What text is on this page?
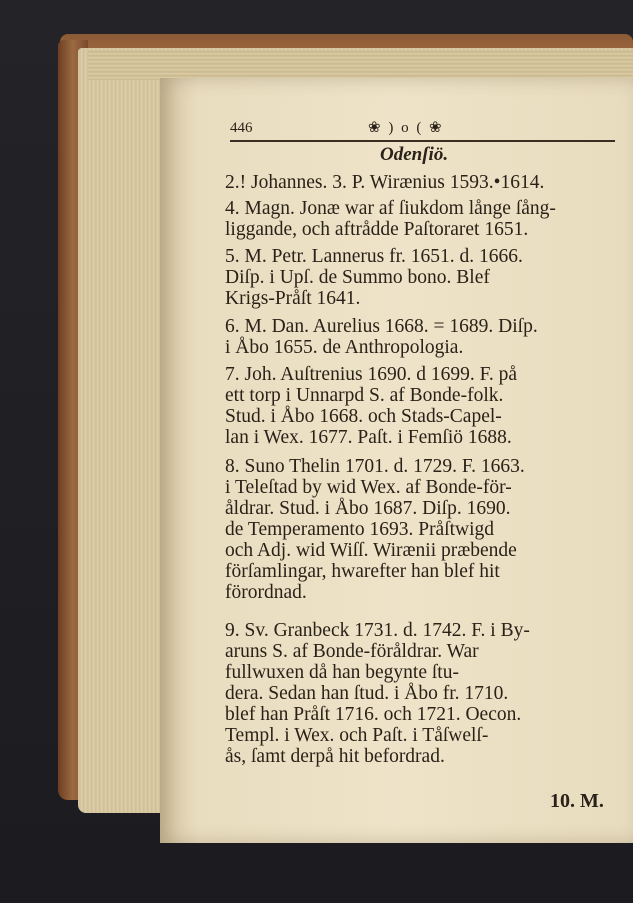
446	❀ ) o ( ❀
Odenſiö.
2.! Johannes. 3. P. Wirænius 1593.•1614.
4. Magn. Jonæ war af ſiukdom långe ſång-
liggande, och aftrådde Paſtoraret 1651.
5. M. Petr. Lannerus fr. 1651. d. 1666.
Diſp. i Upſ. de Summo bono. Blef
Krigs-Pråſt 1641.
6. M. Dan. Aurelius 1668. = 1689. Diſp.
i Åbo 1655. de Anthropologia.
7. Joh. Auſtrenius 1690. d 1699. F. på
ett torp i Unnarpd S. af Bonde-folk.
Stud. i Åbo 1668. och Stads-Capel-
lan i Wex. 1677. Paſt. i Femſiö 1688.
8. Suno Thelin 1701. d. 1729. F. 1663.
i Teleſtad by wid Wex. af Bonde-för-
åldrar. Stud. i Åbo 1687. Diſp. 1690.
de Temperamento 1693. Pråſtwigd
och Adj. wid Wiſſ. Wirænii præbende
förſamlingar, hwarefter han blef hit
förordnad.
9. Sv. Granbeck 1731. d. 1742. F. i By-
aruns S. af Bonde-föråldrar. War
fullwuxen då han begynte ſtu-
dera. Sedan han ſtud. i Åbo fr. 1710.
blef han Pråſt 1716. och 1721. Oecon.
Templ. i Wex. och Paſt. i Tåſwelſ-
ås, ſamt derpå hit befordrad.
10. M.
